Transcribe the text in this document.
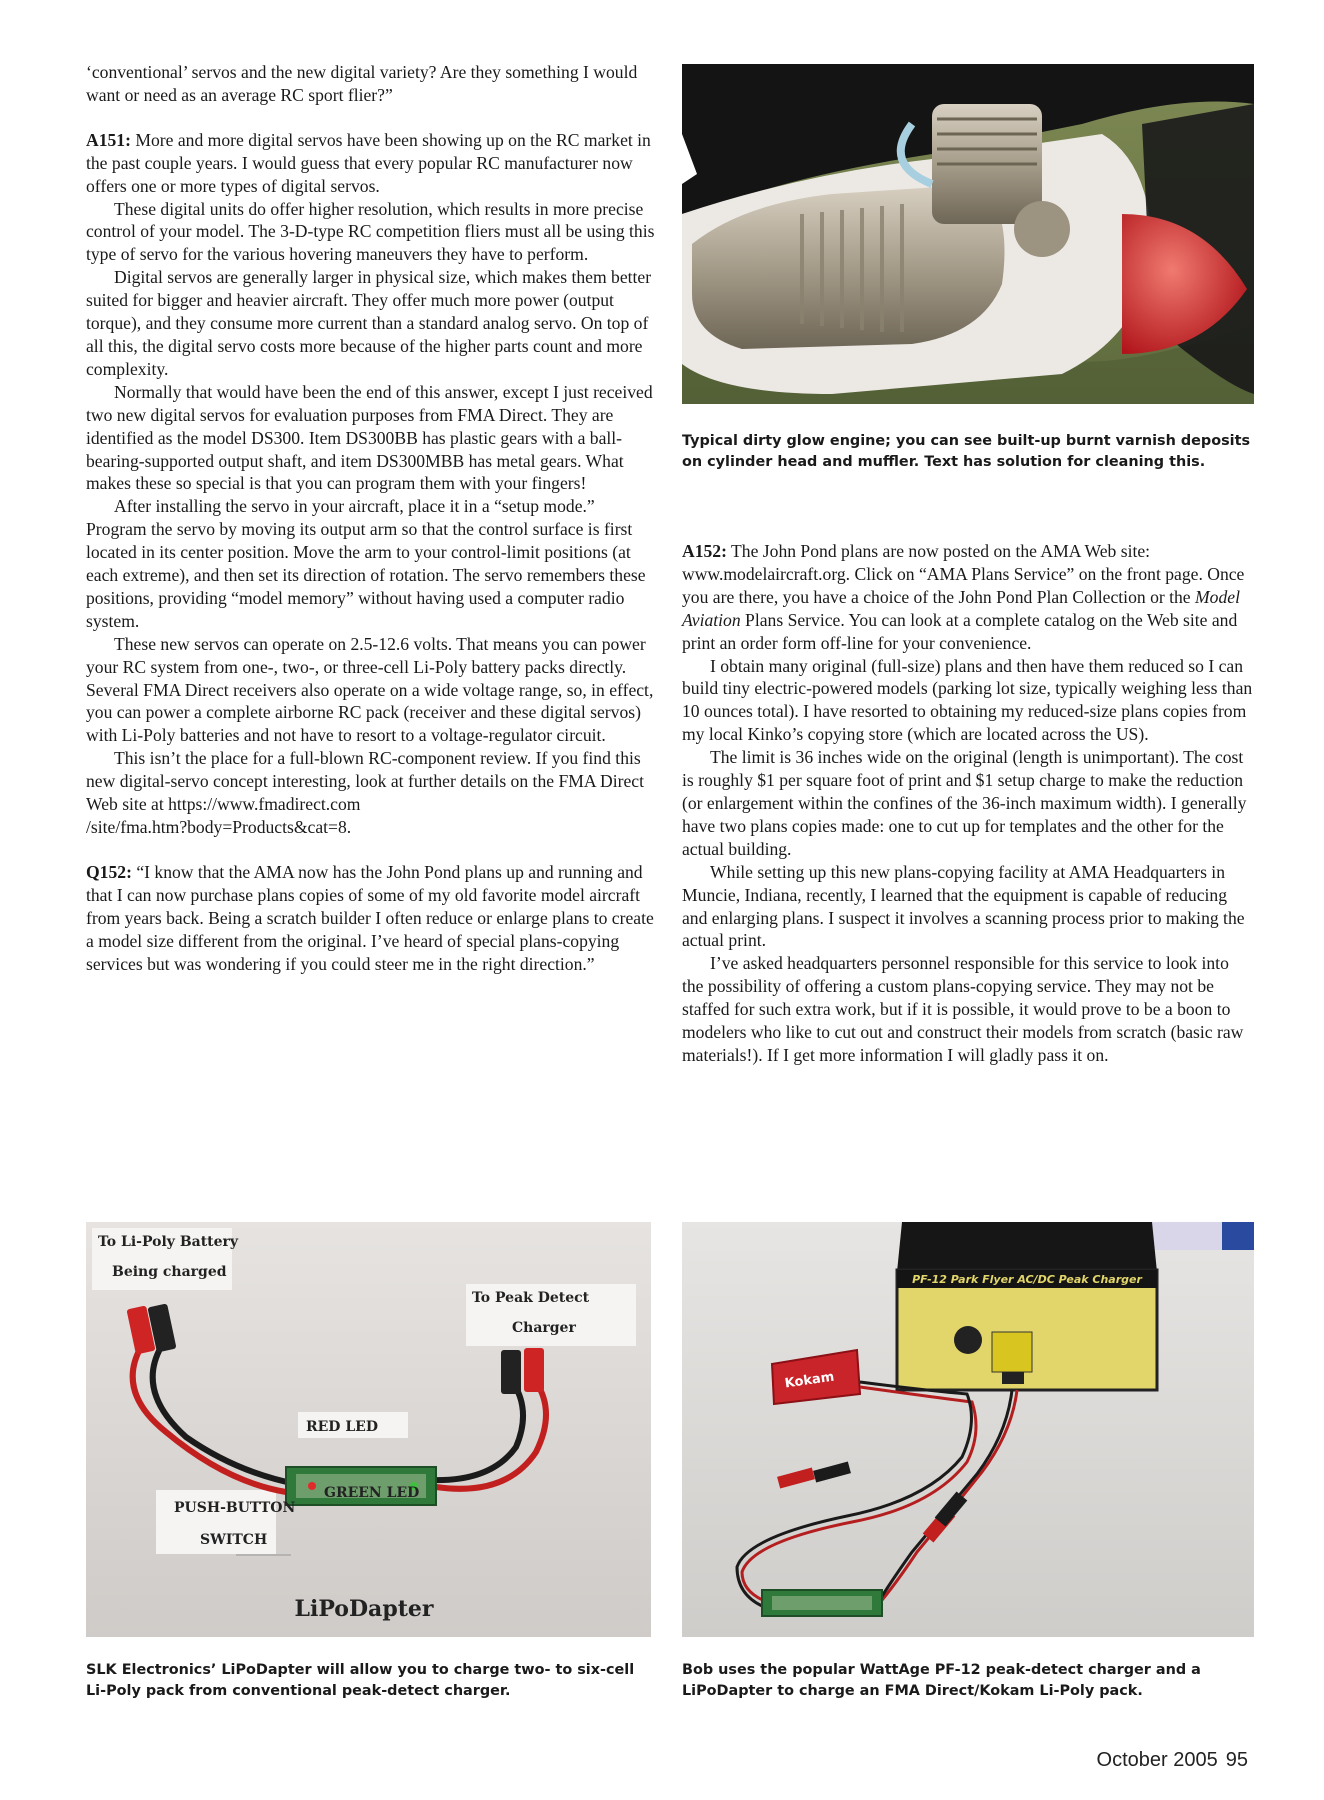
‘conventional’ servos and the new digital variety? Are they something I would want or need as an average RC sport flier?”

A151: More and more digital servos have been showing up on the RC market in the past couple years. I would guess that every popular RC manufacturer now offers one or more types of digital servos.

These digital units do offer higher resolution, which results in more precise control of your model. The 3-D-type RC competition fliers must all be using this type of servo for the various hovering maneuvers they have to perform.

Digital servos are generally larger in physical size, which makes them better suited for bigger and heavier aircraft. They offer much more power (output torque), and they consume more current than a standard analog servo. On top of all this, the digital servo costs more because of the higher parts count and more complexity.

Normally that would have been the end of this answer, except I just received two new digital servos for evaluation purposes from FMA Direct. They are identified as the model DS300. Item DS300BB has plastic gears with a ball-bearing-supported output shaft, and item DS300MBB has metal gears. What makes these so special is that you can program them with your fingers!

After installing the servo in your aircraft, place it in a “setup mode.” Program the servo by moving its output arm so that the control surface is first located in its center position. Move the arm to your control-limit positions (at each extreme), and then set its direction of rotation. The servo remembers these positions, providing “model memory” without having used a computer radio system.

These new servos can operate on 2.5-12.6 volts. That means you can power your RC system from one-, two-, or three-cell Li-Poly battery packs directly. Several FMA Direct receivers also operate on a wide voltage range, so, in effect, you can power a complete airborne RC pack (receiver and these digital servos) with Li-Poly batteries and not have to resort to a voltage-regulator circuit.

This isn’t the place for a full-blown RC-component review. If you find this new digital-servo concept interesting, look at further details on the FMA Direct Web site at https://www.fmadirect.com
/site/fma.htm?body=Products&cat=8.

Q152: “I know that the AMA now has the John Pond plans up and running and that I can now purchase plans copies of some of my old favorite model aircraft from years back. Being a scratch builder I often reduce or enlarge plans to create a model size different from the original. I’ve heard of special plans-copying services but was wondering if you could steer me in the right direction.”

Typical dirty glow engine; you can see built-up burnt varnish deposits on cylinder head and muffler. Text has solution for cleaning this.

A152: The John Pond plans are now posted on the AMA Web site: www.modelaircraft.org. Click on “AMA Plans Service” on the front page. Once you are there, you have a choice of the John Pond Plan Collection or the Model Aviation Plans Service. You can look at a complete catalog on the Web site and print an order form off-line for your convenience.

I obtain many original (full-size) plans and then have them reduced so I can build tiny electric-powered models (parking lot size, typically weighing less than 10 ounces total). I have resorted to obtaining my reduced-size plans copies from my local Kinko’s copying store (which are located across the US).

The limit is 36 inches wide on the original (length is unimportant). The cost is roughly $1 per square foot of print and $1 setup charge to make the reduction (or enlargement within the confines of the 36-inch maximum width). I generally have two plans copies made: one to cut up for templates and the other for the actual building.

While setting up this new plans-copying facility at AMA Headquarters in Muncie, Indiana, recently, I learned that the equipment is capable of reducing and enlarging plans. I suspect it involves a scanning process prior to making the actual print.

I’ve asked headquarters personnel responsible for this service to look into the possibility of offering a custom plans-copying service. They may not be staffed for such extra work, but if it is possible, it would prove to be a boon to modelers who like to cut out and construct their models from scratch (basic raw materials!). If I get more information I will gladly pass it on.

To Li-Poly Battery
Being charged
To Peak Detect
Charger
RED LED
GREEN LED
PUSH-BUTTON
SWITCH
LiPoDapter
SLK Electronics’ LiPoDapter will allow you to charge two- to six-cell Li-Poly pack from conventional peak-detect charger.
PF-12 Park Flyer AC/DC Peak Charger
Kokam
Bob uses the popular WattAge PF-12 peak-detect charger and a LiPoDapter to charge an FMA Direct/Kokam Li-Poly pack.
October 2005 95
